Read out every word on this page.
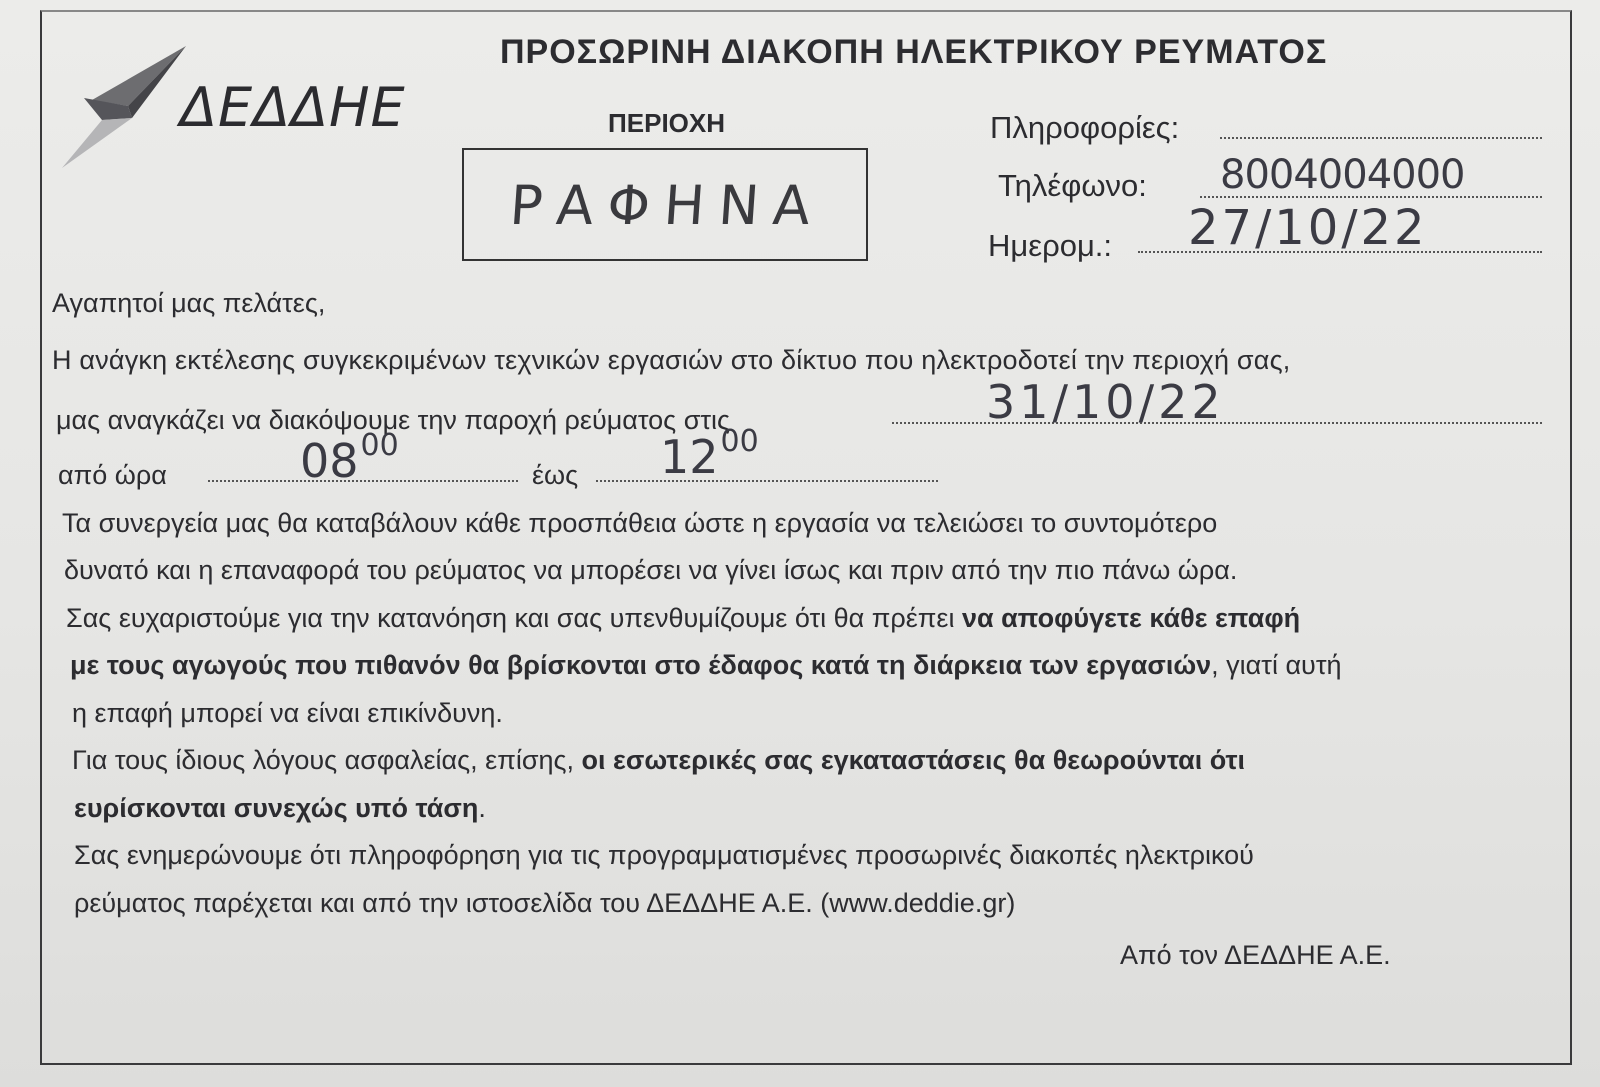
ΔΕΔΔΗΕ
ΠΡΟΣΩΡΙΝΗ ΔΙΑΚΟΠΗ ΗΛΕΚΤΡΙΚΟΥ ΡΕΥΜΑΤΟΣ
ΠΕΡΙΟΧΗ
ΡΑΦΗΝΑ
Πληροφορίες:
Τηλέφωνο: 8004004000
Ημερομ.: 27/10/22
Αγαπητοί μας πελάτες,
Η ανάγκη εκτέλεσης συγκεκριμένων τεχνικών εργασιών στο δίκτυο που ηλεκτροδοτεί την περιοχή σας,
μας αναγκάζει να διακόψουμε την παροχή ρεύματος στις	31/10/22
από ώρα	$08^{00}$
έως $12^{00}$
Τα συνεργεία μας θα καταβάλουν κάθε προσπάθεια ώστε η εργασία να τελειώσει το συντομότερο
δυνατό και η επαναφορά του ρεύματος να μπορέσει να γίνει ίσως και πριν από την πιο πάνω ώρα.
Σας ευχαριστούμε για την κατανόηση και σας υπενθυμίζουμε ότι θα πρέπει να αποφύγετε κάθε επαφή
με τους αγωγούς που πιθανόν θα βρίσκονται στο έδαφος κατά τη διάρκεια των εργασιών, γιατί αυτή
η επαφή μπορεί να είναι επικίνδυνη.
Για τους ίδιους λόγους ασφαλείας, επίσης, οι εσωτερικές σας εγκαταστάσεις θα θεωρούνται ότι
ευρίσκονται συνεχώς υπό τάση.
Σας ενημερώνουμε ότι πληροφόρηση για τις προγραμματισμένες προσωρινές διακοπές ηλεκτρικού
ρεύματος παρέχεται και από την ιστοσελίδα του ΔΕΔΔΗΕ Α.Ε. (www.deddie.gr)
Από τον ΔΕΔΔΗΕ Α.Ε.
